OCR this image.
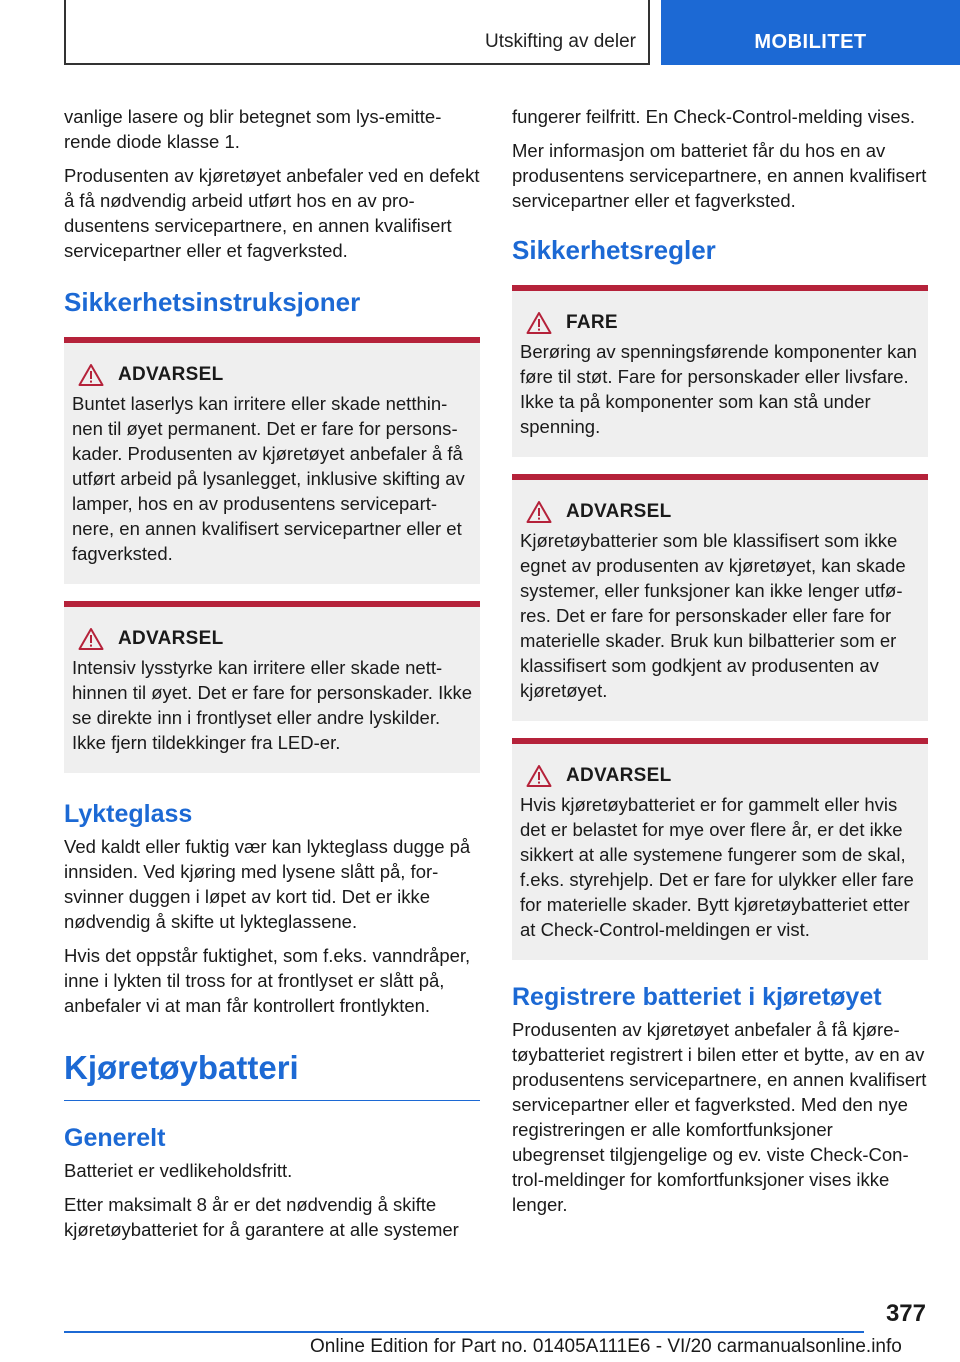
Utskifting av deler	MOBILITET

vanlige lasere og blir betegnet som lys-emitterende diode klasse 1.

Produsenten av kjøretøyet anbefaler ved en defekt å få nødvendig arbeid utført hos en av produsentens servicepartnere, en annen kvalifisert servicepartner eller et fagverksted.

Sikkerhetsinstruksjoner
ADVARSEL

Buntet laserlys kan irritere eller skade netthinnen til øyet permanent. Det er fare for personskader. Produsenten av kjøretøyet anbefaler å få utført arbeid på lysanlegget, inklusive skifting av lamper, hos en av produsentens servicepartnere, en annen kvalifisert servicepartner eller et fagverksted.

ADVARSEL

Intensiv lysstyrke kan irritere eller skade netthinnen til øyet. Det er fare for personskader. Ikke se direkte inn i frontlyset eller andre lyskilder. Ikke fjern tildekkinger fra LED-er.

Lykteglass

Ved kaldt eller fuktig vær kan lykteglass dugge på innsiden. Ved kjøring med lysene slått på, forsvinner duggen i løpet av kort tid. Det er ikke nødvendig å skifte ut lykteglassene.

Hvis det oppstår fuktighet, som f.eks. vanndråper, inne i lykten til tross for at frontlyset er slått på, anbefaler vi at man får kontrollert frontlykten.

Kjøretøybatteri
Generelt

Batteriet er vedlikeholdsfritt.

Etter maksimalt 8 år er det nødvendig å skifte kjøretøybatteriet for å garantere at alle systemer

fungerer feilfritt. En Check-Control-melding vises.

Mer informasjon om batteriet får du hos en av produsentens servicepartnere, en annen kvalifisert servicepartner eller et fagverksted.

Sikkerhetsregler
FARE

Berøring av spenningsførende komponenter kan føre til støt. Fare for personskader eller livsfare. Ikke ta på komponenter som kan stå under spenning.

ADVARSEL

Kjøretøybatterier som ble klassifisert som ikke egnet av produsenten av kjøretøyet, kan skade systemer, eller funksjoner kan ikke lenger utføres. Det er fare for personskader eller fare for materielle skader. Bruk kun bilbatterier som er klassifisert som godkjent av produsenten av kjøretøyet.

ADVARSEL

Hvis kjøretøybatteriet er for gammelt eller hvis det er belastet for mye over flere år, er det ikke sikkert at alle systemene fungerer som de skal, f.eks. styrehjelp. Det er fare for ulykker eller fare for materielle skader. Bytt kjøretøybatteriet etter at Check-Control-meldingen er vist.

Registrere batteriet i kjøretøyet

Produsenten av kjøretøyet anbefaler å få kjøretøybatteriet registrert i bilen etter et bytte, av en av produsentens servicepartnere, en annen kvalifisert servicepartner eller et fagverksted. Med den nye registreringen er alle komfortfunksjoner ubegrenset tilgjengelige og ev. viste Check-Control-meldinger for komfortfunksjoner vises ikke lenger.

377
Online Edition for Part no. 01405A111E6 - VI/20 carmanualsonline.info
